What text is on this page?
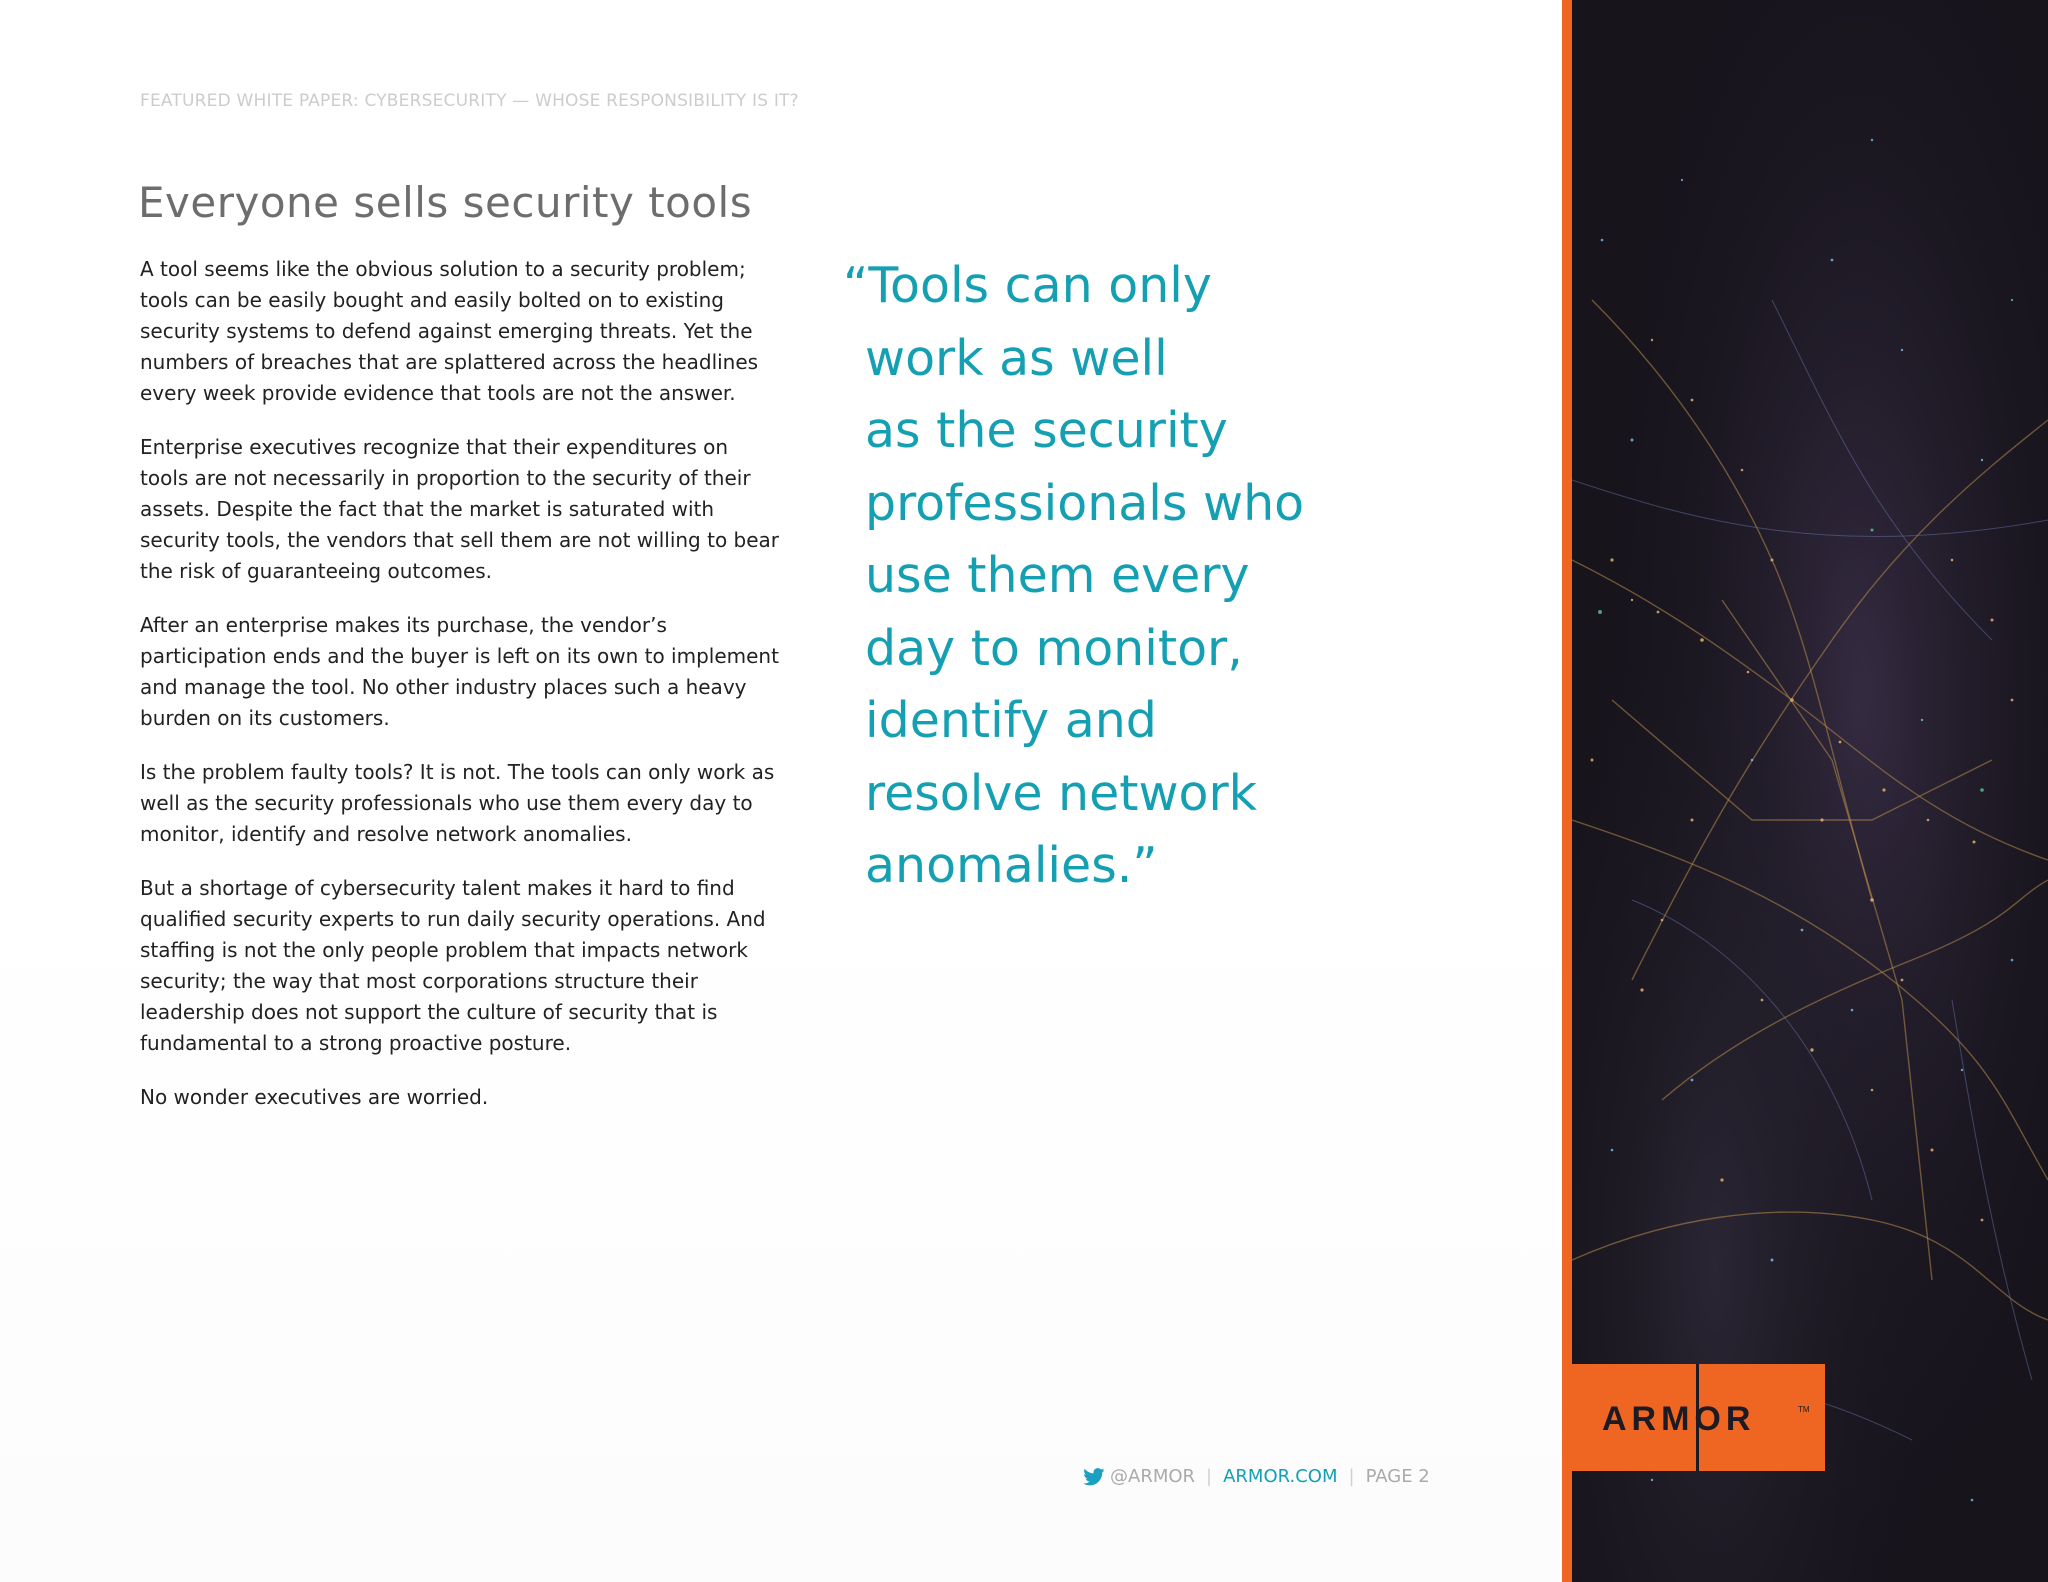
FEATURED WHITE PAPER: CYBERSECURITY — WHOSE RESPONSIBILITY IS IT?
Everyone sells security tools

A tool seems like the obvious solution to a security problem; tools can be easily bought and easily bolted on to existing security systems to defend against emerging threats. Yet the numbers of breaches that are splattered across the headlines every week provide evidence that tools are not the answer.

Enterprise executives recognize that their expenditures on tools are not necessarily in proportion to the security of their assets. Despite the fact that the market is saturated with security tools, the vendors that sell them are not willing to bear the risk of guaranteeing outcomes.

After an enterprise makes its purchase, the vendor’s participation ends and the buyer is left on its own to implement and manage the tool. No other industry places such a heavy burden on its customers.

Is the problem faulty tools? It is not. The tools can only work as well as the security professionals who use them every day to monitor, identify and resolve network anomalies.

But a shortage of cybersecurity talent makes it hard to find qualified security experts to run daily security operations. And staffing is not the only people problem that impacts network security; the way that most corporations structure their leadership does not support the culture of security that is fundamental to a strong proactive posture.

No wonder executives are worried.

“Tools can only
work as well
as the security
professionals who
use them every
day to monitor,
identify and
resolve network
anomalies.”
@ARMOR | ARMOR.COM | PAGE 2
ARMOR	TM
